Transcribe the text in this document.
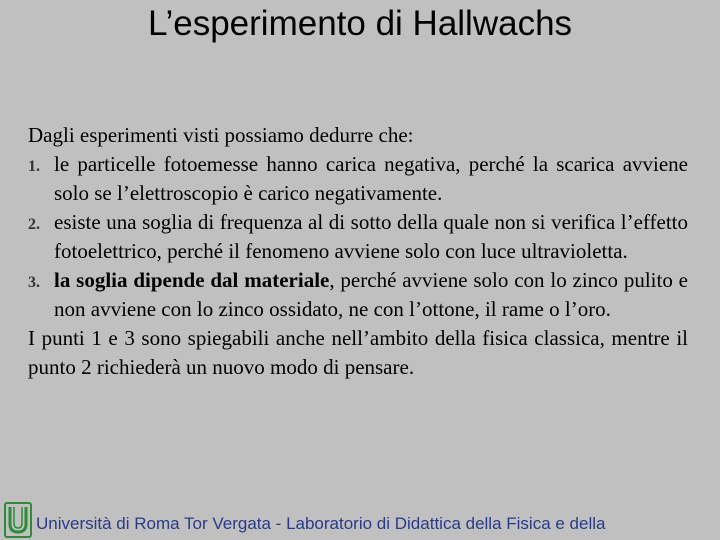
L’esperimento di Hallwachs

Dagli esperimenti visti possiamo dedurre che:

1. le particelle fotoemesse hanno carica negativa, perché la scarica avviene solo se l’elettroscopio è carico negativamente.
2. esiste una soglia di frequenza al di sotto della quale non si verifica l’effetto fotoelettrico, perché il fenomeno avviene solo con luce ultravioletta.
3. la soglia dipende dal materiale, perché avviene solo con lo zinco pulito e non avviene con lo zinco ossidato, ne con l’ottone, il rame o l’oro.

I punti 1 e 3 sono spiegabili anche nell’ambito della fisica classica, mentre il punto 2 richiederà un nuovo modo di pensare.

Università di Roma Tor Vergata - Laboratorio di Didattica della Fisica e della
